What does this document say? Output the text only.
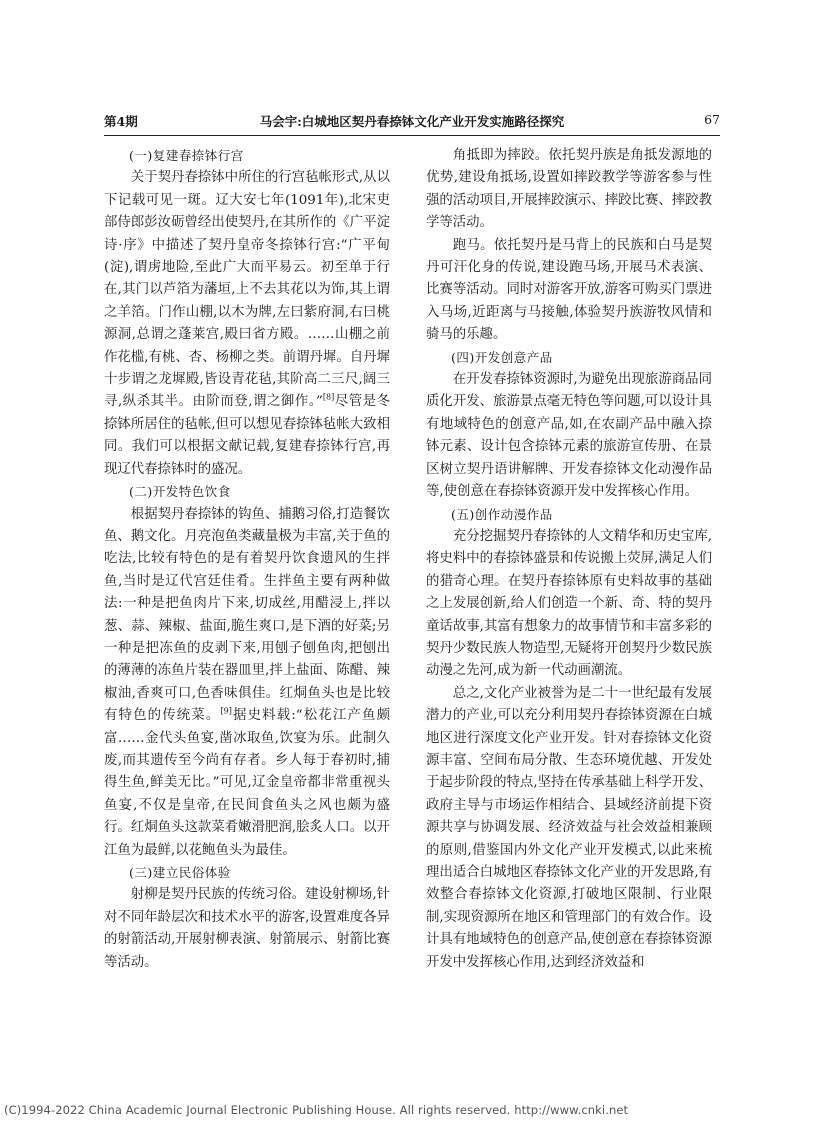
第4期	马会宇:白城地区契丹春捺钵文化产业开发实施路径探究	67
(一)复建春捺钵行宫

关于契丹春捺钵中所住的行宫毡帐形式,从以下记载可见一斑。辽大安七年(1091年),北宋吏部侍郎彭汝砺曾经出使契丹,在其所作的《广平淀诗·序》中描述了契丹皇帝冬捺钵行宫:“广平甸(淀),谓虏地险,至此广大而平易云。初至单于行在,其门以芦箔为藩垣,上不去其花以为饰,其上谓之羊箔。门作山棚,以木为牌,左曰紫府洞,右曰桃源洞,总谓之蓬莱宫,殿曰省方殿。……山棚之前作花槛,有桃、杏、杨柳之类。前谓丹墀。自丹墀十步谓之龙墀殿,皆设青花毡,其阶高二三尺,阔三寻,纵杀其半。由阶而登,谓之御作。”[8]尽管是冬捺钵所居住的毡帐,但可以想见春捺钵毡帐大致相同。我们可以根据文献记载,复建春捺钵行宫,再现辽代春捺钵时的盛况。

(二)开发特色饮食

根据契丹春捺钵的钩鱼、捕鹅习俗,打造餐饮鱼、鹅文化。月亮泡鱼类藏量极为丰富,关于鱼的吃法,比较有特色的是有着契丹饮食遗风的生拌鱼,当时是辽代宫廷佳肴。生拌鱼主要有两种做法:一种是把鱼肉片下来,切成丝,用醋浸上,拌以葱、蒜、辣椒、盐面,脆生爽口,是下酒的好菜;另一种是把冻鱼的皮剥下来,用刨子刨鱼肉,把刨出的薄薄的冻鱼片装在器皿里,拌上盐面、陈醋、辣椒油,香爽可口,色香味俱佳。红烔鱼头也是比较有特色的传统菜。[9]据史料载:“松花江产鱼颇富……金代头鱼宴,凿冰取鱼,饮宴为乐。此制久废,而其遗传至今尚有存者。乡人每于春初时,捕得生鱼,鲜美无比。”可见,辽金皇帝都非常重视头鱼宴,不仅是皇帝,在民间食鱼头之风也颇为盛行。红烔鱼头这款菜肴嫩滑肥润,脍炙人口。以开江鱼为最鲜,以花鲍鱼头为最佳。

(三)建立民俗体验

射柳是契丹民族的传统习俗。建设射柳场,针对不同年龄层次和技术水平的游客,设置难度各异的射箭活动,开展射柳表演、射箭展示、射箭比赛等活动。

角抵即为摔跤。依托契丹族是角抵发源地的优势,建设角抵场,设置如摔跤教学等游客参与性强的活动项目,开展摔跤演示、摔跤比赛、摔跤教学等活动。

跑马。依托契丹是马背上的民族和白马是契丹可汗化身的传说,建设跑马场,开展马术表演、比赛等活动。同时对游客开放,游客可购买门票进入马场,近距离与马接触,体验契丹族游牧风情和骑马的乐趣。

(四)开发创意产品

在开发春捺钵资源时,为避免出现旅游商品同质化开发、旅游景点毫无特色等问题,可以设计具有地域特色的创意产品,如,在农副产品中融入捺钵元素、设计包含捺钵元素的旅游宣传册、在景区树立契丹语讲解牌、开发春捺钵文化动漫作品等,使创意在春捺钵资源开发中发挥核心作用。

(五)创作动漫作品

充分挖掘契丹春捺钵的人文精华和历史宝库,将史料中的春捺钵盛景和传说搬上荧屏,满足人们的猎奇心理。在契丹春捺钵原有史料故事的基础之上发展创新,给人们创造一个新、奇、特的契丹童话故事,其富有想象力的故事情节和丰富多彩的契丹少数民族人物造型,无疑将开创契丹少数民族动漫之先河,成为新一代动画潮流。

总之,文化产业被誉为是二十一世纪最有发展潜力的产业,可以充分利用契丹春捺钵资源在白城地区进行深度文化产业开发。针对春捺钵文化资源丰富、空间布局分散、生态环境优越、开发处于起步阶段的特点,坚持在传承基础上科学开发、政府主导与市场运作相结合、县域经济前提下资源共享与协调发展、经济效益与社会效益相兼顾的原则,借鉴国内外文化产业开发模式,以此来梳理出适合白城地区春捺钵文化产业的开发思路,有效整合春捺钵文化资源,打破地区限制、行业限制,实现资源所在地区和管理部门的有效合作。设计具有地域特色的创意产品,使创意在春捺钵资源开发中发挥核心作用,达到经济效益和

(C)1994-2022 China Academic Journal Electronic Publishing House. All rights reserved. http://www.cnki.net
